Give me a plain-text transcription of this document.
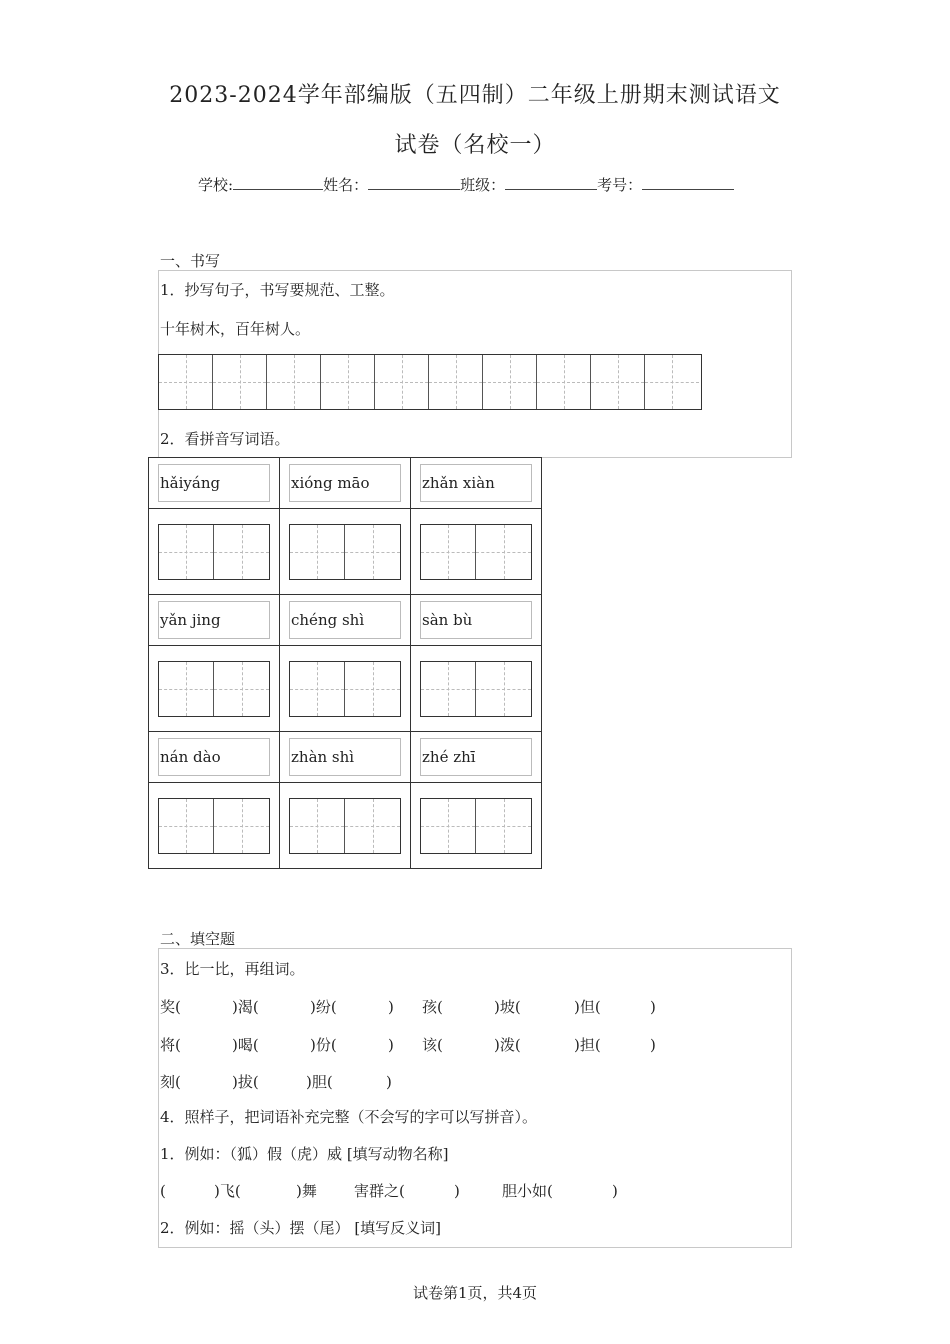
2023-2024学年部编版（五四制）二年级上册期末测试语文
试卷（名校一）
学校:	姓名：	班级：	考号：
一、书写
1．抄写句子，书写要规范、工整。
十年树木，百年树人。
2．看拼音写词语。
hǎiyáng	xióng māo	zhǎn xiàn

yǎn jing	chéng shì	sàn bù

nán dào	zhàn shì	zhé zhī

二、填空题
3．比一比，再组词。
奖(	)渴(	)纷(	) 孩(	)坡(	)但(	)
将(	)喝(	)份(	) 该(	)泼(	)担(	)
刻(	)拔(	)胆(	)
4．照样子，把词语补充完整（不会写的字可以写拼音）。
1．例如：（狐）假（虎）威 [填写动物名称]
(	)飞(	)舞 害群之(	)	胆小如(	)
2．例如：摇（头）摆（尾） [填写反义词]
试卷第1页，共4页
